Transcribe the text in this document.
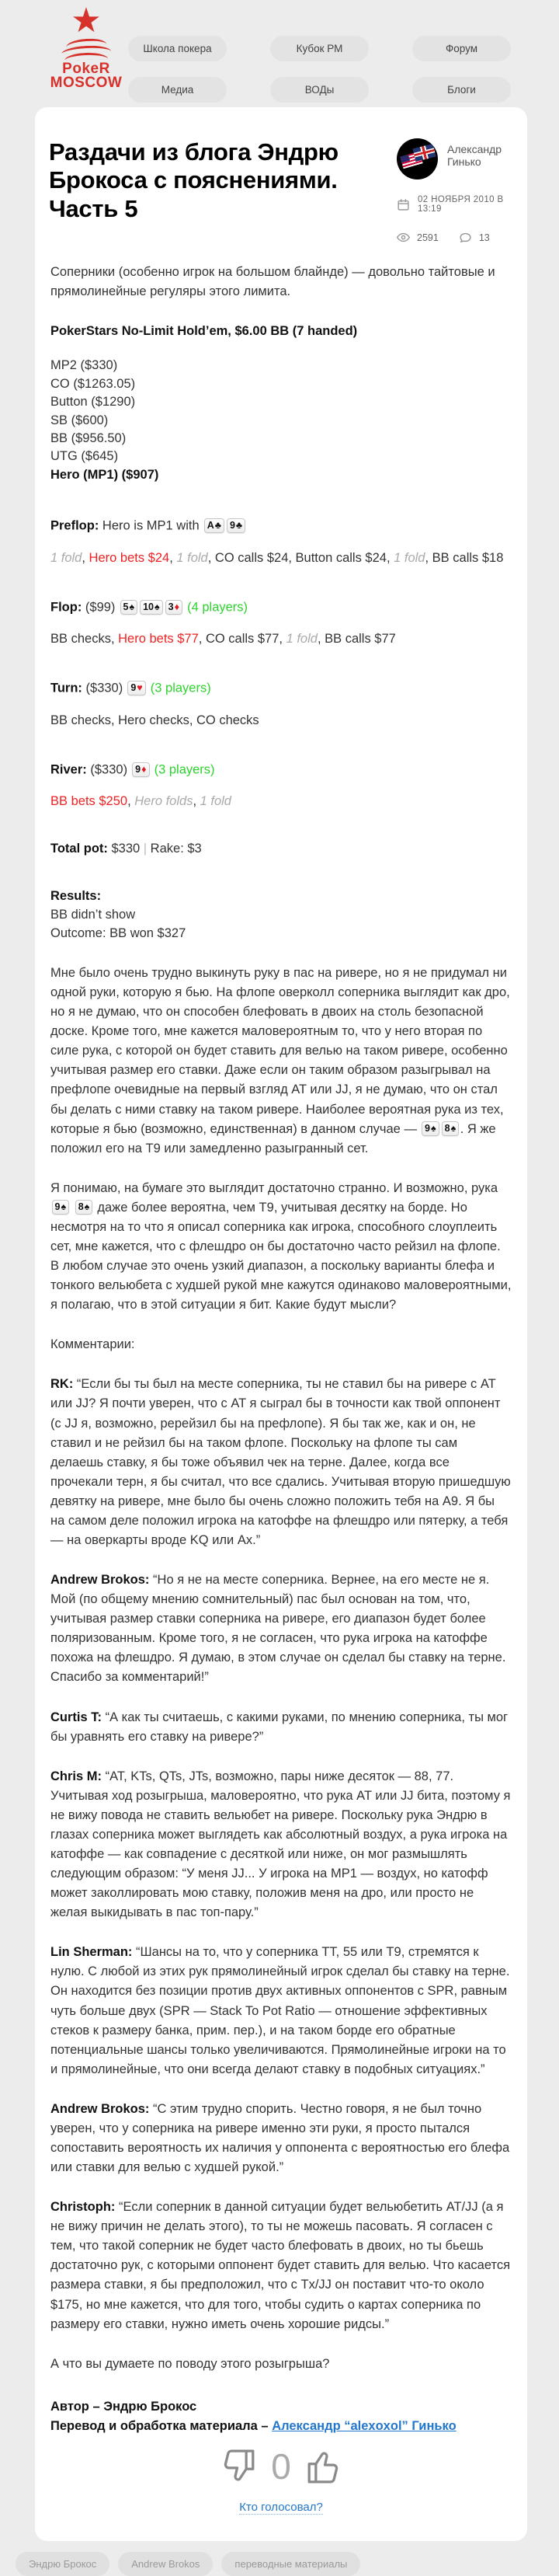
★
PokeR
MOSCOW
Школа покера	Кубок РМ	Форум
Медиа	ВОДы	Блоги
Раздачи из блога Эндрю Брокоса с пояснениями. Часть 5
Александр Гинько
02 НОЯБРЯ 2010 В 13:19
2591	13

Соперники (особенно игрок на большом блайнде) — довольно тайтовые и прямолинейные регуляры этого лимита.

PokerStars No-Limit Hold’em, $6.00 BB (7 handed)

MP2 ($330)
CO ($1263.05)
Button ($1290)
SB ($600)
BB ($956.50)
UTG ($645)
Hero (MP1) ($907)
Preflop: Hero is MP1 with A♣ 9♣
1 fold, Hero bets $24, 1 fold, CO calls $24, Button calls $24, 1 fold, BB calls $18
Flop: ($99) 5♠ 10♠ 3♦ (4 players)
BB checks, Hero bets $77, CO calls $77, 1 fold, BB calls $77
Turn: ($330) 9♥ (3 players)
BB checks, Hero checks, CO checks
River: ($330) 9♦ (3 players)
BB bets $250, Hero folds, 1 fold
Total pot: $330 | Rake: $3
Results:
BB didn’t show
Outcome: BB won $327

Мне было очень трудно выкинуть руку в пас на ривере, но я не придумал ни одной руки, которую я бью. На флопе оверколл соперника выглядит как дро, но я не думаю, что он способен блефовать в двоих на столь безопасной доске. Кроме того, мне кажется маловероятным то, что у него вторая по силе рука, с которой он будет ставить для велью на таком ривере, особенно учитывая размер его ставки. Даже если он таким образом разыгрывал на префлопе очевидные на первый взгляд AT или JJ, я не думаю, что он стал бы делать с ними ставку на таком ривере. Наиболее вероятная рука из тех, которые я бью (возможно, единственная) в данном случае — 9♠ 8♠ . Я же положил его на T9 или замедленно разыгранный сет.

Я понимаю, на бумаге это выглядит достаточно странно. И возможно, рука 9♠ 8♠ даже более вероятна, чем T9, учитывая десятку на борде. Но несмотря на то что я описал соперника как игрока, способного слоуплеить сет, мне кажется, что с флешдро он бы достаточно часто рейзил на флопе. В любом случае это очень узкий диапазон, а поскольку варианты блефа и тонкого вельюбета с худшей рукой мне кажутся одинаково маловероятными, я полагаю, что в этой ситуации я бит. Какие будут мысли?

Комментарии:

RK: “Если бы ты был на месте соперника, ты не ставил бы на ривере с AT или JJ? Я почти уверен, что с AT я сыграл бы в точности как твой оппонент (с JJ я, возможно, ререйзил бы на префлопе). Я бы так же, как и он, не ставил и не рейзил бы на таком флопе. Поскольку на флопе ты сам делаешь ставку, я бы тоже объявил чек на терне. Далее, когда все прочекали терн, я бы считал, что все сдались. Учитывая вторую пришедшую девятку на ривере, мне было бы очень сложно положить тебя на A9. Я бы на самом деле положил игрока на катоффе на флешдро или пятерку, а тебя — на оверкарты вроде KQ или Ax.”

Andrew Brokos: “Но я не на месте соперника. Вернее, на его месте не я. Мой (по общему мнению сомнительный) пас был основан на том, что, учитывая размер ставки соперника на ривере, его диапазон будет более поляризованным. Кроме того, я не согласен, что рука игрока на катоффе похожа на флешдро. Я думаю, в этом случае он сделал бы ставку на терне. Спасибо за комментарий!”

Curtis T: “А как ты считаешь, с какими руками, по мнению соперника, ты мог бы уравнять его ставку на ривере?”

Chris M: “AT, KTs, QTs, JTs, возможно, пары ниже десяток — 88, 77. Учитывая ход розыгрыша, маловероятно, что рука AT или JJ бита, поэтому я не вижу повода не ставить вельюбет на ривере. Поскольку рука Эндрю в глазах соперника может выглядеть как абсолютный воздух, а рука игрока на катоффе — как совпадение с десяткой или ниже, он мог размышлять следующим образом: “У меня JJ... У игрока на MP1 — воздух, но катофф может заколлировать мою ставку, положив меня на дро, или просто не желая выкидывать в пас топ-пару.”

Lin Sherman: “Шансы на то, что у соперника TT, 55 или T9, стремятся к нулю. С любой из этих рук прямолинейный игрок сделал бы ставку на терне. Он находится без позиции против двух активных оппонентов с SPR, равным чуть больше двух (SPR — Stack To Pot Ratio — отношение эффективных стеков к размеру банка, прим. пер.), и на таком борде его обратные потенциальные шансы только увеличиваются. Прямолинейные игроки на то и прямолинейные, что они всегда делают ставку в подобных ситуациях.”

Andrew Brokos: “С этим трудно спорить. Честно говоря, я не был точно уверен, что у соперника на ривере именно эти руки, я просто пытался сопоставить вероятность их наличия у оппонента с вероятностью его блефа или ставки для велью с худшей рукой.”

Christoph: “Если соперник в данной ситуации будет вельюбетить AT/JJ (а я не вижу причин не делать этого), то ты не можешь пасовать. Я согласен с тем, что такой соперник не будет часто блефовать в двоих, но ты бьешь достаточно рук, с которыми оппонент будет ставить для велью. Что касается размера ставки, я бы предположил, что с Tx/JJ он поставит что-то около $175, но мне кажется, что для того, чтобы судить о картах соперника по размеру его ставки, нужно иметь очень хорошие ридсы.”

А что вы думаете по поводу этого розыгрыша?

Автор – Эндрю Брокос
Перевод и обработка материала – Александр “alexoxol” Гинько
0
Кто голосовал?
Эндрю Брокос	Andrew Brokos	переводные материалы
